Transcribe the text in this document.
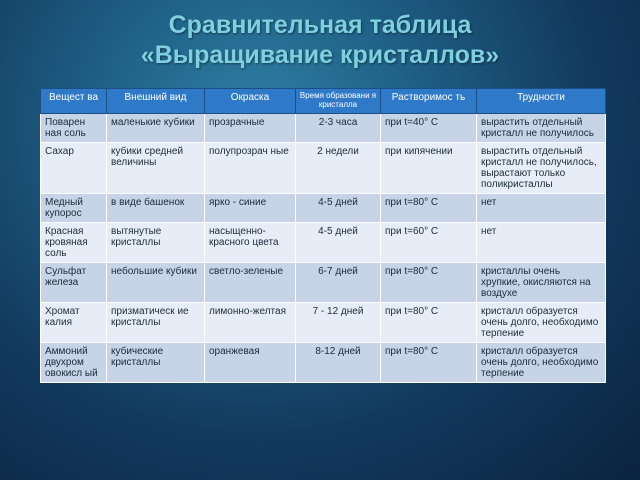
Сравнительная таблица
«Выращивание кристаллов»
Вещест ва	Внешний вид	Окраска	Время образовани я кристалла	Растворимос ть	Трудности
Поварен ная соль	маленькие кубики	прозрачные	2-3 часа	при t=40° C	вырастить отдельный кристалл не получилось
Сахар	кубики средней величины	полупрозрач ные	2 недели	при кипячении	вырастить отдельный кристалл не получилось, вырастают только поликристаллы
Медный купорос	в виде башенок	ярко - синие	4-5 дней	при t=80° C	нет
Красная кровяная соль	вытянутые кристаллы	насыщенно-красного цвета	4-5 дней	при t=60° C	нет
Сульфат железа	небольшие кубики	светло-зеленые	6-7 дней	при t=80° C	кристаллы очень хрупкие, окисляются на воздухе
Хромат калия	призматическ ие кристаллы	лимонно-желтая	7 - 12 дней	при t=80° C	кристалл образуется очень долго, необходимо терпение
Аммоний двухром овокисл ый	кубические кристаллы	оранжевая	8-12 дней	при t=80° C	кристалл образуется очень долго, необходимо терпение
